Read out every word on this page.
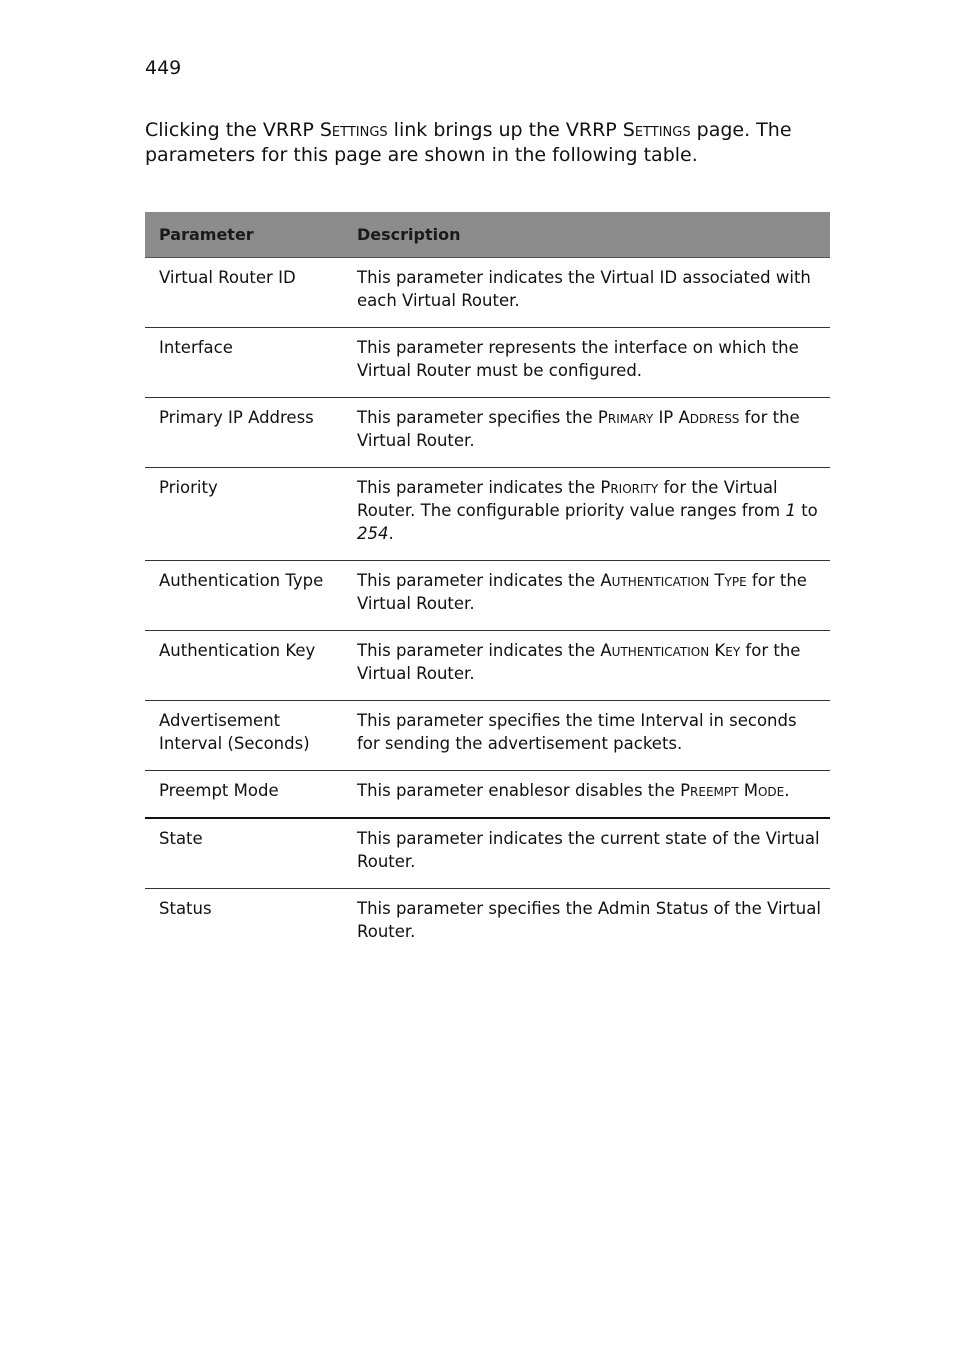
449

Clicking the VRRP Settings link brings up the VRRP Settings page. The parameters for this page are shown in the following table.

Parameter	Description
Virtual Router ID	This parameter indicates the Virtual ID associated with each Virtual Router.
Interface	This parameter represents the interface on which the Virtual Router must be configured.
Primary IP Address	This parameter specifies the Primary IP Address for the Virtual Router.
Priority	This parameter indicates the Priority for the Virtual Router. The configurable priority value ranges from 1 to 254.
Authentication Type	This parameter indicates the Authentication Type for the Virtual Router.
Authentication Key	This parameter indicates the Authentication Key for the Virtual Router.
Advertisement Interval (Seconds)	This parameter specifies the time Interval in seconds for sending the advertisement packets.
Preempt Mode	This parameter enablesor disables the Preempt Mode.
State	This parameter indicates the current state of the Virtual Router.
Status	This parameter specifies the Admin Status of the Virtual Router.
